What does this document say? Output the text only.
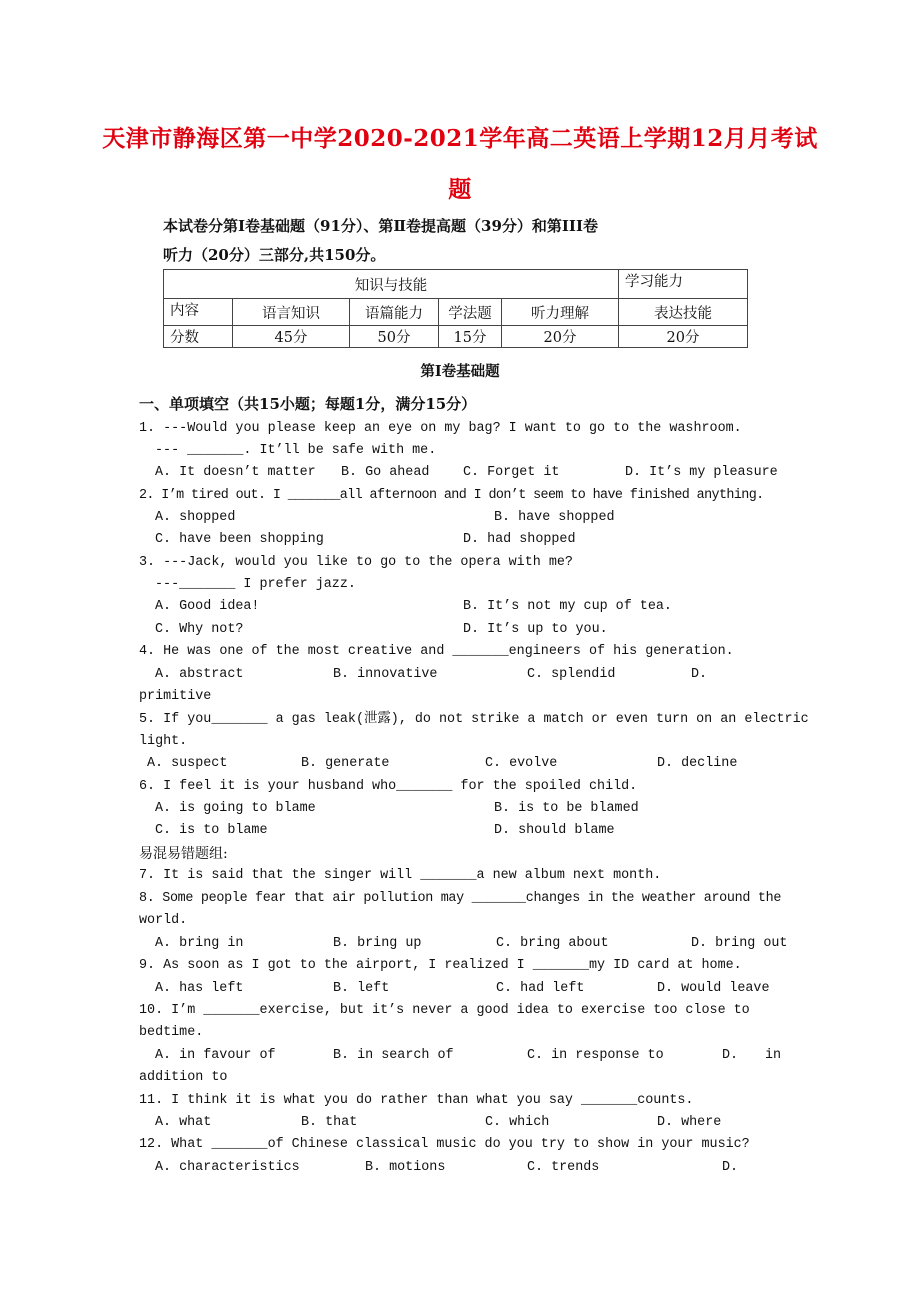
天津市静海区第一中学2020-2021学年高二英语上学期12月月考试
题
本试卷分第Ⅰ卷基础题（91分）、第Ⅱ卷提高题（39分）和第III卷
听力（20分）三部分,共150分。
知识与技能					学习能力
内容	语言知识	语篇能力	学法题	听力理解	表达技能
分数	45分	50分	15分	20分	20分
第Ⅰ卷基础题
一、单项填空（共15小题；每题1分，满分15分）
1. ---Would you please keep an eye on my bag? I want to go to the washroom.
--- _______. It’ll be safe with me.
A. It doesn’t matter B. Go ahead	C. Forget it	D. It’s my pleasure
2. I’m tired out. I _______all afternoon and I don’t seem to have finished anything.
A. shopped	B. have shopped
C. have been shopping	D. had shopped
3. ---Jack, would you like to go to the opera with me?
---_______ I prefer jazz.
A. Good idea!	B. It’s not my cup of tea.
C. Why not?	D. It’s up to you.
4. He was one of the most creative and _______engineers of his generation.
A. abstract	B. innovative	C. splendid	D.
primitive
5. If you_______ a gas leak(泄露), do not strike a match or even turn on an electric
light.
A. suspect	B. generate	C. evolve	D. decline
6. I feel it is your husband who_______ for the spoiled child.
A. is going to blame	B. is to be blamed
C. is to blame	D. should blame
易混易错题组:
7. It is said that the singer will _______a new album next month.
8. Some people fear that air pollution may _______changes in the weather around the
world.
A. bring in	B. bring up	C. bring about	D. bring out
9. As soon as I got to the airport, I realized I _______my ID card at home.
A. has left	B. left	C. had left	D. would leave
10. I’m _______exercise, but it’s never a good idea to exercise too close to
bedtime.
A. in favour of	B. in search of	C. in response to	D. in
addition to
11. I think it is what you do rather than what you say _______counts.
A. what	B. that	C. which	D. where
12. What _______of Chinese classical music do you try to show in your music?
A. characteristics	B. motions	C. trends	D.
